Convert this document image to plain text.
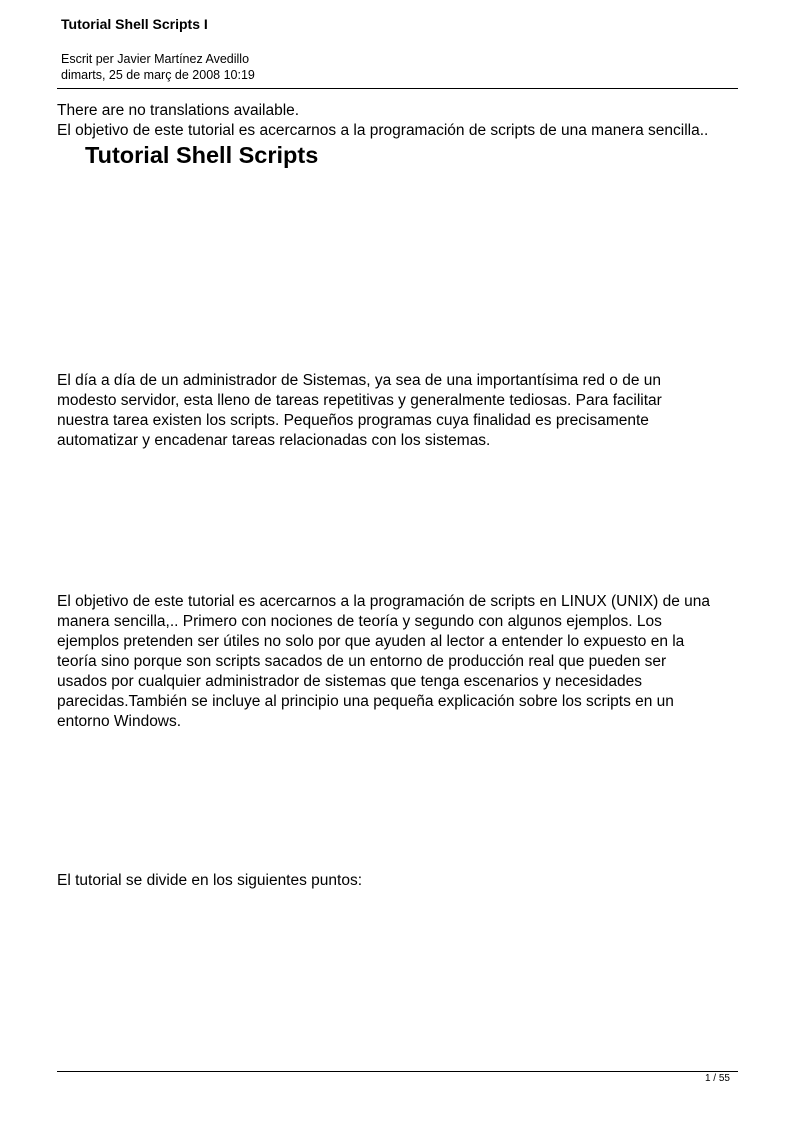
Tutorial Shell Scripts I
Escrit per Javier Martínez Avedillo
dimarts, 25 de març de 2008 10:19
There are no translations available.
El objetivo de este tutorial es acercarnos a la programación de scripts de una manera sencilla..
Tutorial Shell Scripts

El día a día de un administrador de Sistemas, ya sea de una importantísima red o de un

modesto servidor, esta lleno de tareas repetitivas y generalmente tediosas. Para facilitar

nuestra tarea existen los scripts. Pequeños programas cuya finalidad es precisamente

automatizar y encadenar tareas relacionadas con los sistemas.

El objetivo de este tutorial es acercarnos a la programación de scripts en LINUX (UNIX) de una

manera sencilla,.. Primero con nociones de teoría y segundo con algunos ejemplos. Los

ejemplos pretenden ser útiles no solo por que ayuden al lector a entender lo expuesto en la

teoría sino porque son scripts sacados de un entorno de producción real que pueden ser

usados por cualquier administrador de sistemas que tenga escenarios y necesidades

parecidas.También se incluye al principio una pequeña explicación sobre los scripts en un

entorno Windows.

El tutorial se divide en los siguientes puntos:
1 / 55
